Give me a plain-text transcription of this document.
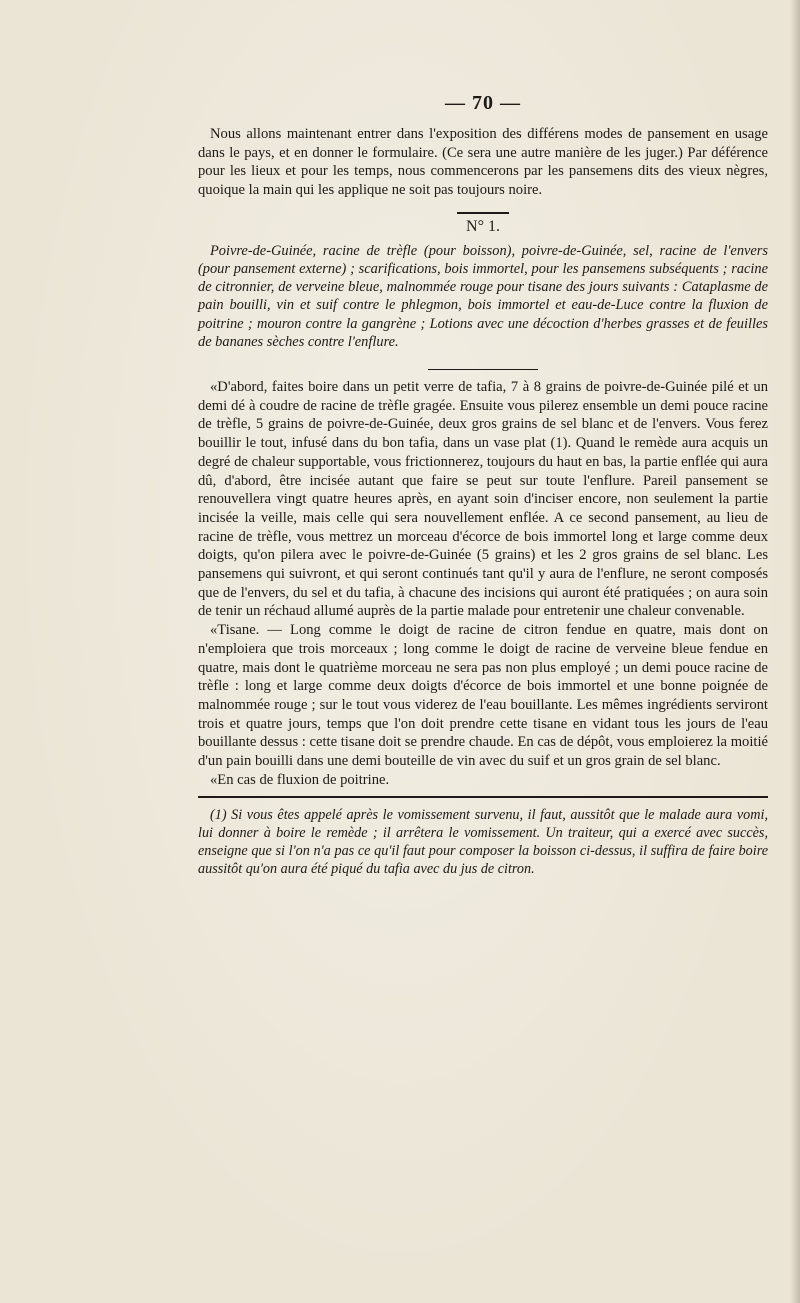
— 70 —

Nous allons maintenant entrer dans l'exposition des différens modes de pansement en usage dans le pays, et en donner le formulaire. (Ce sera une autre manière de les juger.) Par déférence pour les lieux et pour les temps, nous commencerons par les pansemens dits des vieux nègres, quoique la main qui les applique ne soit pas toujours noire.

N° 1.

Poivre-de-Guinée, racine de trèfle (pour boisson), poivre-de-Guinée, sel, racine de l'envers (pour pansement externe) ; scarifications, bois immortel, pour les pansemens subséquents ; racine de citronnier, de verveine bleue, malnommée rouge pour tisane des jours suivants : Cataplasme de pain bouilli, vin et suif contre le phlegmon, bois immortel et eau-de-Luce contre la fluxion de poitrine ; mouron contre la gangrène ; Lotions avec une décoction d'herbes grasses et de feuilles de bananes sèches contre l'enflure.

«D'abord, faites boire dans un petit verre de tafia, 7 à 8 grains de poivre-de-Guinée pilé et un demi dé à coudre de racine de trèfle gragée. Ensuite vous pilerez ensemble un demi pouce racine de trèfle, 5 grains de poivre-de-Guinée, deux gros grains de sel blanc et de l'envers. Vous ferez bouillir le tout, infusé dans du bon tafia, dans un vase plat (1). Quand le remède aura acquis un degré de chaleur supportable, vous frictionnerez, toujours du haut en bas, la partie enflée qui aura dû, d'abord, être incisée autant que faire se peut sur toute l'enflure. Pareil pansement se renouvellera vingt quatre heures après, en ayant soin d'inciser encore, non seulement la partie incisée la veille, mais celle qui sera nouvellement enflée. A ce second pansement, au lieu de racine de trèfle, vous mettrez un morceau d'écorce de bois immortel long et large comme deux doigts, qu'on pilera avec le poivre-de-Guinée (5 grains) et les 2 gros grains de sel blanc. Les pansemens qui suivront, et qui seront continués tant qu'il y aura de l'enflure, ne seront composés que de l'envers, du sel et du tafia, à chacune des incisions qui auront été pratiquées ; on aura soin de tenir un réchaud allumé auprès de la partie malade pour entretenir une chaleur convenable.

«Tisane. — Long comme le doigt de racine de citron fendue en quatre, mais dont on n'emploiera que trois morceaux ; long comme le doigt de racine de verveine bleue fendue en quatre, mais dont le quatrième morceau ne sera pas non plus employé ; un demi pouce racine de trèfle : long et large comme deux doigts d'écorce de bois immortel et une bonne poignée de malnommée rouge ; sur le tout vous viderez de l'eau bouillante. Les mêmes ingrédients serviront trois et quatre jours, temps que l'on doit prendre cette tisane en vidant tous les jours de l'eau bouillante dessus : cette tisane doit se prendre chaude. En cas de dépôt, vous emploierez la moitié d'un pain bouilli dans une demi bouteille de vin avec du suif et un gros grain de sel blanc.

«En cas de fluxion de poitrine.

(1) Si vous êtes appelé après le vomissement survenu, il faut, aussitôt que le malade aura vomi, lui donner à boire le remède ; il arrêtera le vomissement. Un traiteur, qui a exercé avec succès, enseigne que si l'on n'a pas ce qu'il faut pour composer la boisson ci-dessus, il suffira de faire boire aussitôt qu'on aura été piqué du tafia avec du jus de citron.
